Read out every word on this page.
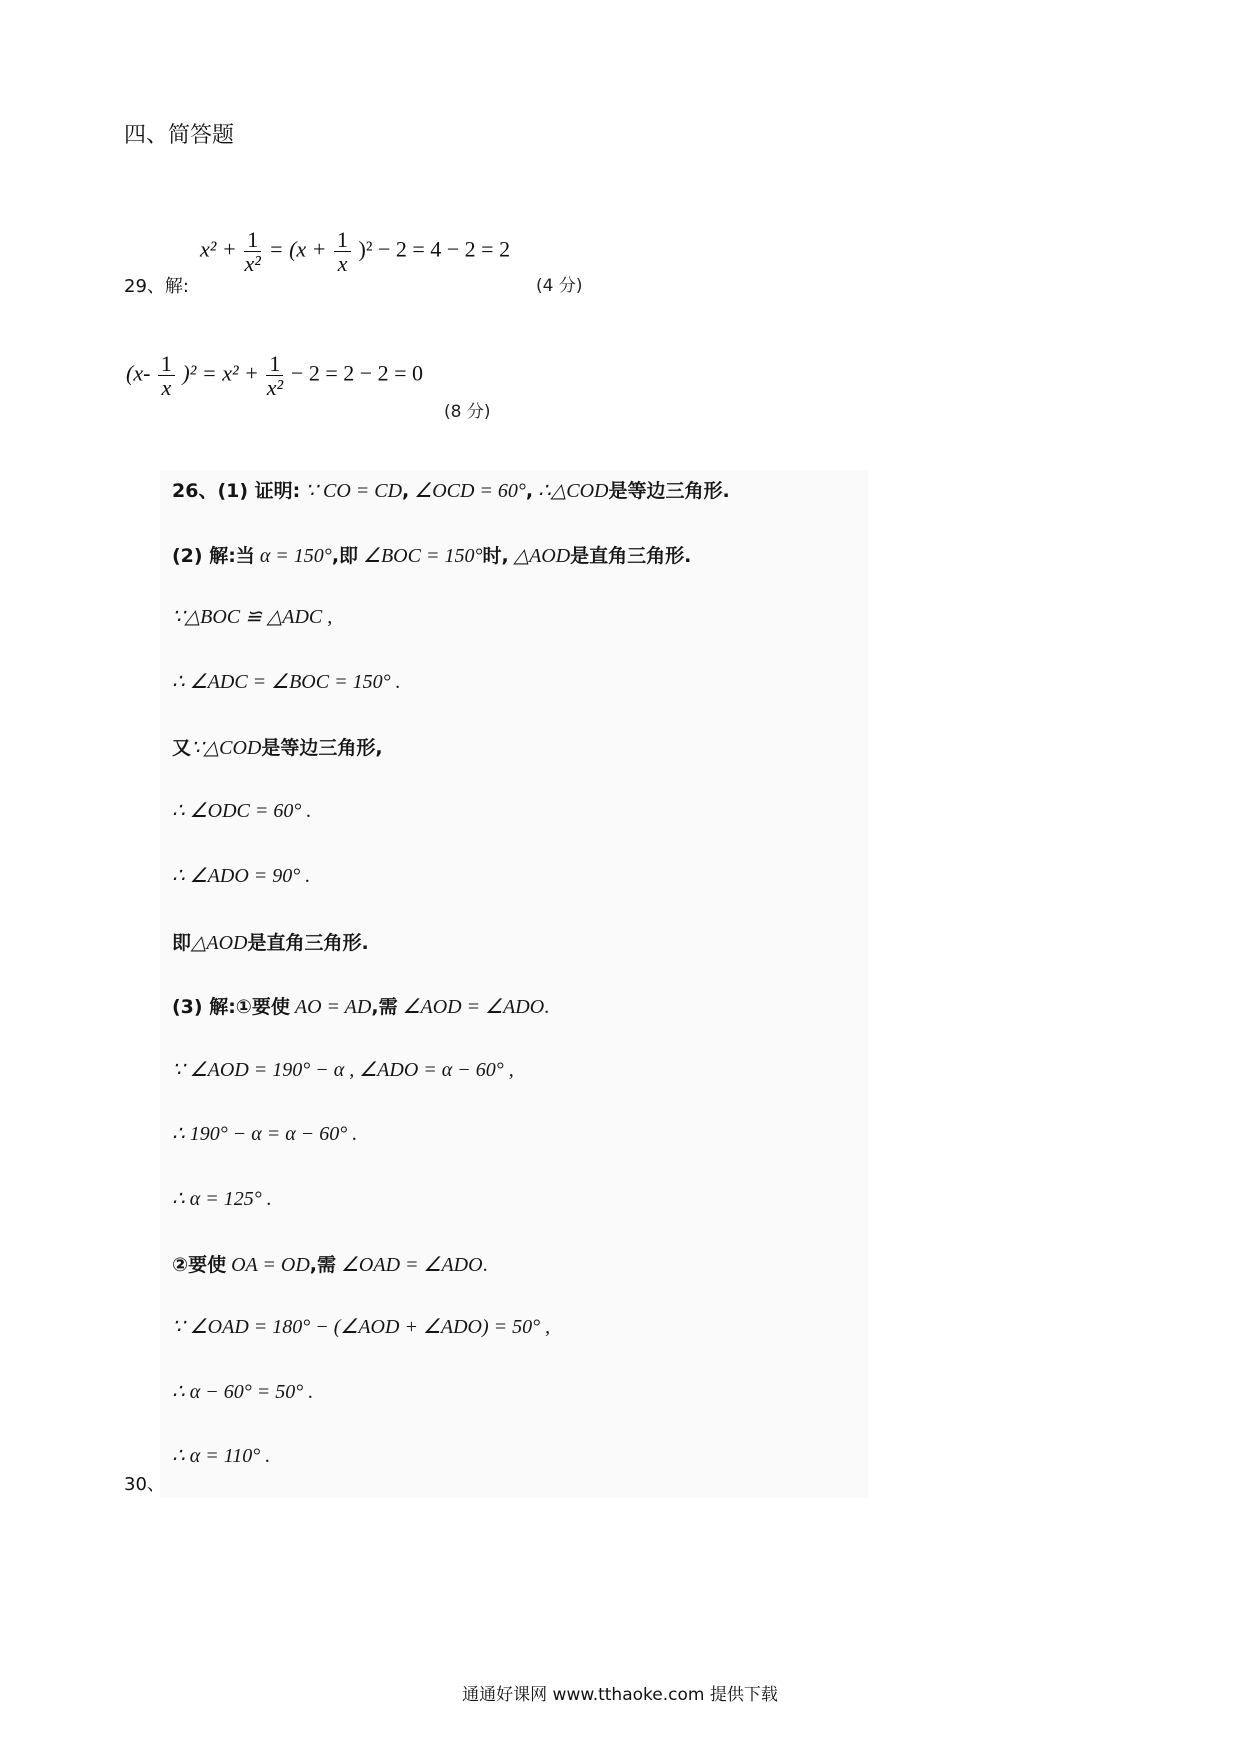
四、简答题
29、解:
$x^2 + \frac{1}{\text{x²}} = (x + \frac{1}{x} )^2 - 2 = 4 - 2 = 2$
(4 分)
$(x- \frac{1}{x} )^2 = x^2 + \frac{1}{\text{x²}} - 2 = 2 - 2 = 0$
(8 分)
26、(1) 证明: ∵ CO = CD, ∠OCD = 60°, ∴△COD是等边三角形.
(2) 解:当 α = 150°,即 ∠BOC = 150°时, △AOD是直角三角形.
∵△BOC ≌ △ADC ,
∴ ∠ADC = ∠BOC = 150° .
又∵△COD是等边三角形,
∴ ∠ODC = 60° .
∴ ∠ADO = 90° .
即△AOD是直角三角形.
(3) 解:①要使 AO = AD,需 ∠AOD = ∠ADO.
∵ ∠AOD = 190° − α , ∠ADO = α − 60° ,
∴ 190° − α = α − 60° .
∴ α = 125° .
②要使 OA = OD,需 ∠OAD = ∠ADO.
∵ ∠OAD = 180° − (∠AOD + ∠ADO) = 50° ,
∴ α − 60° = 50° .
∴ α = 110° .
30、
通通好课网 www.tthaoke.com 提供下载
